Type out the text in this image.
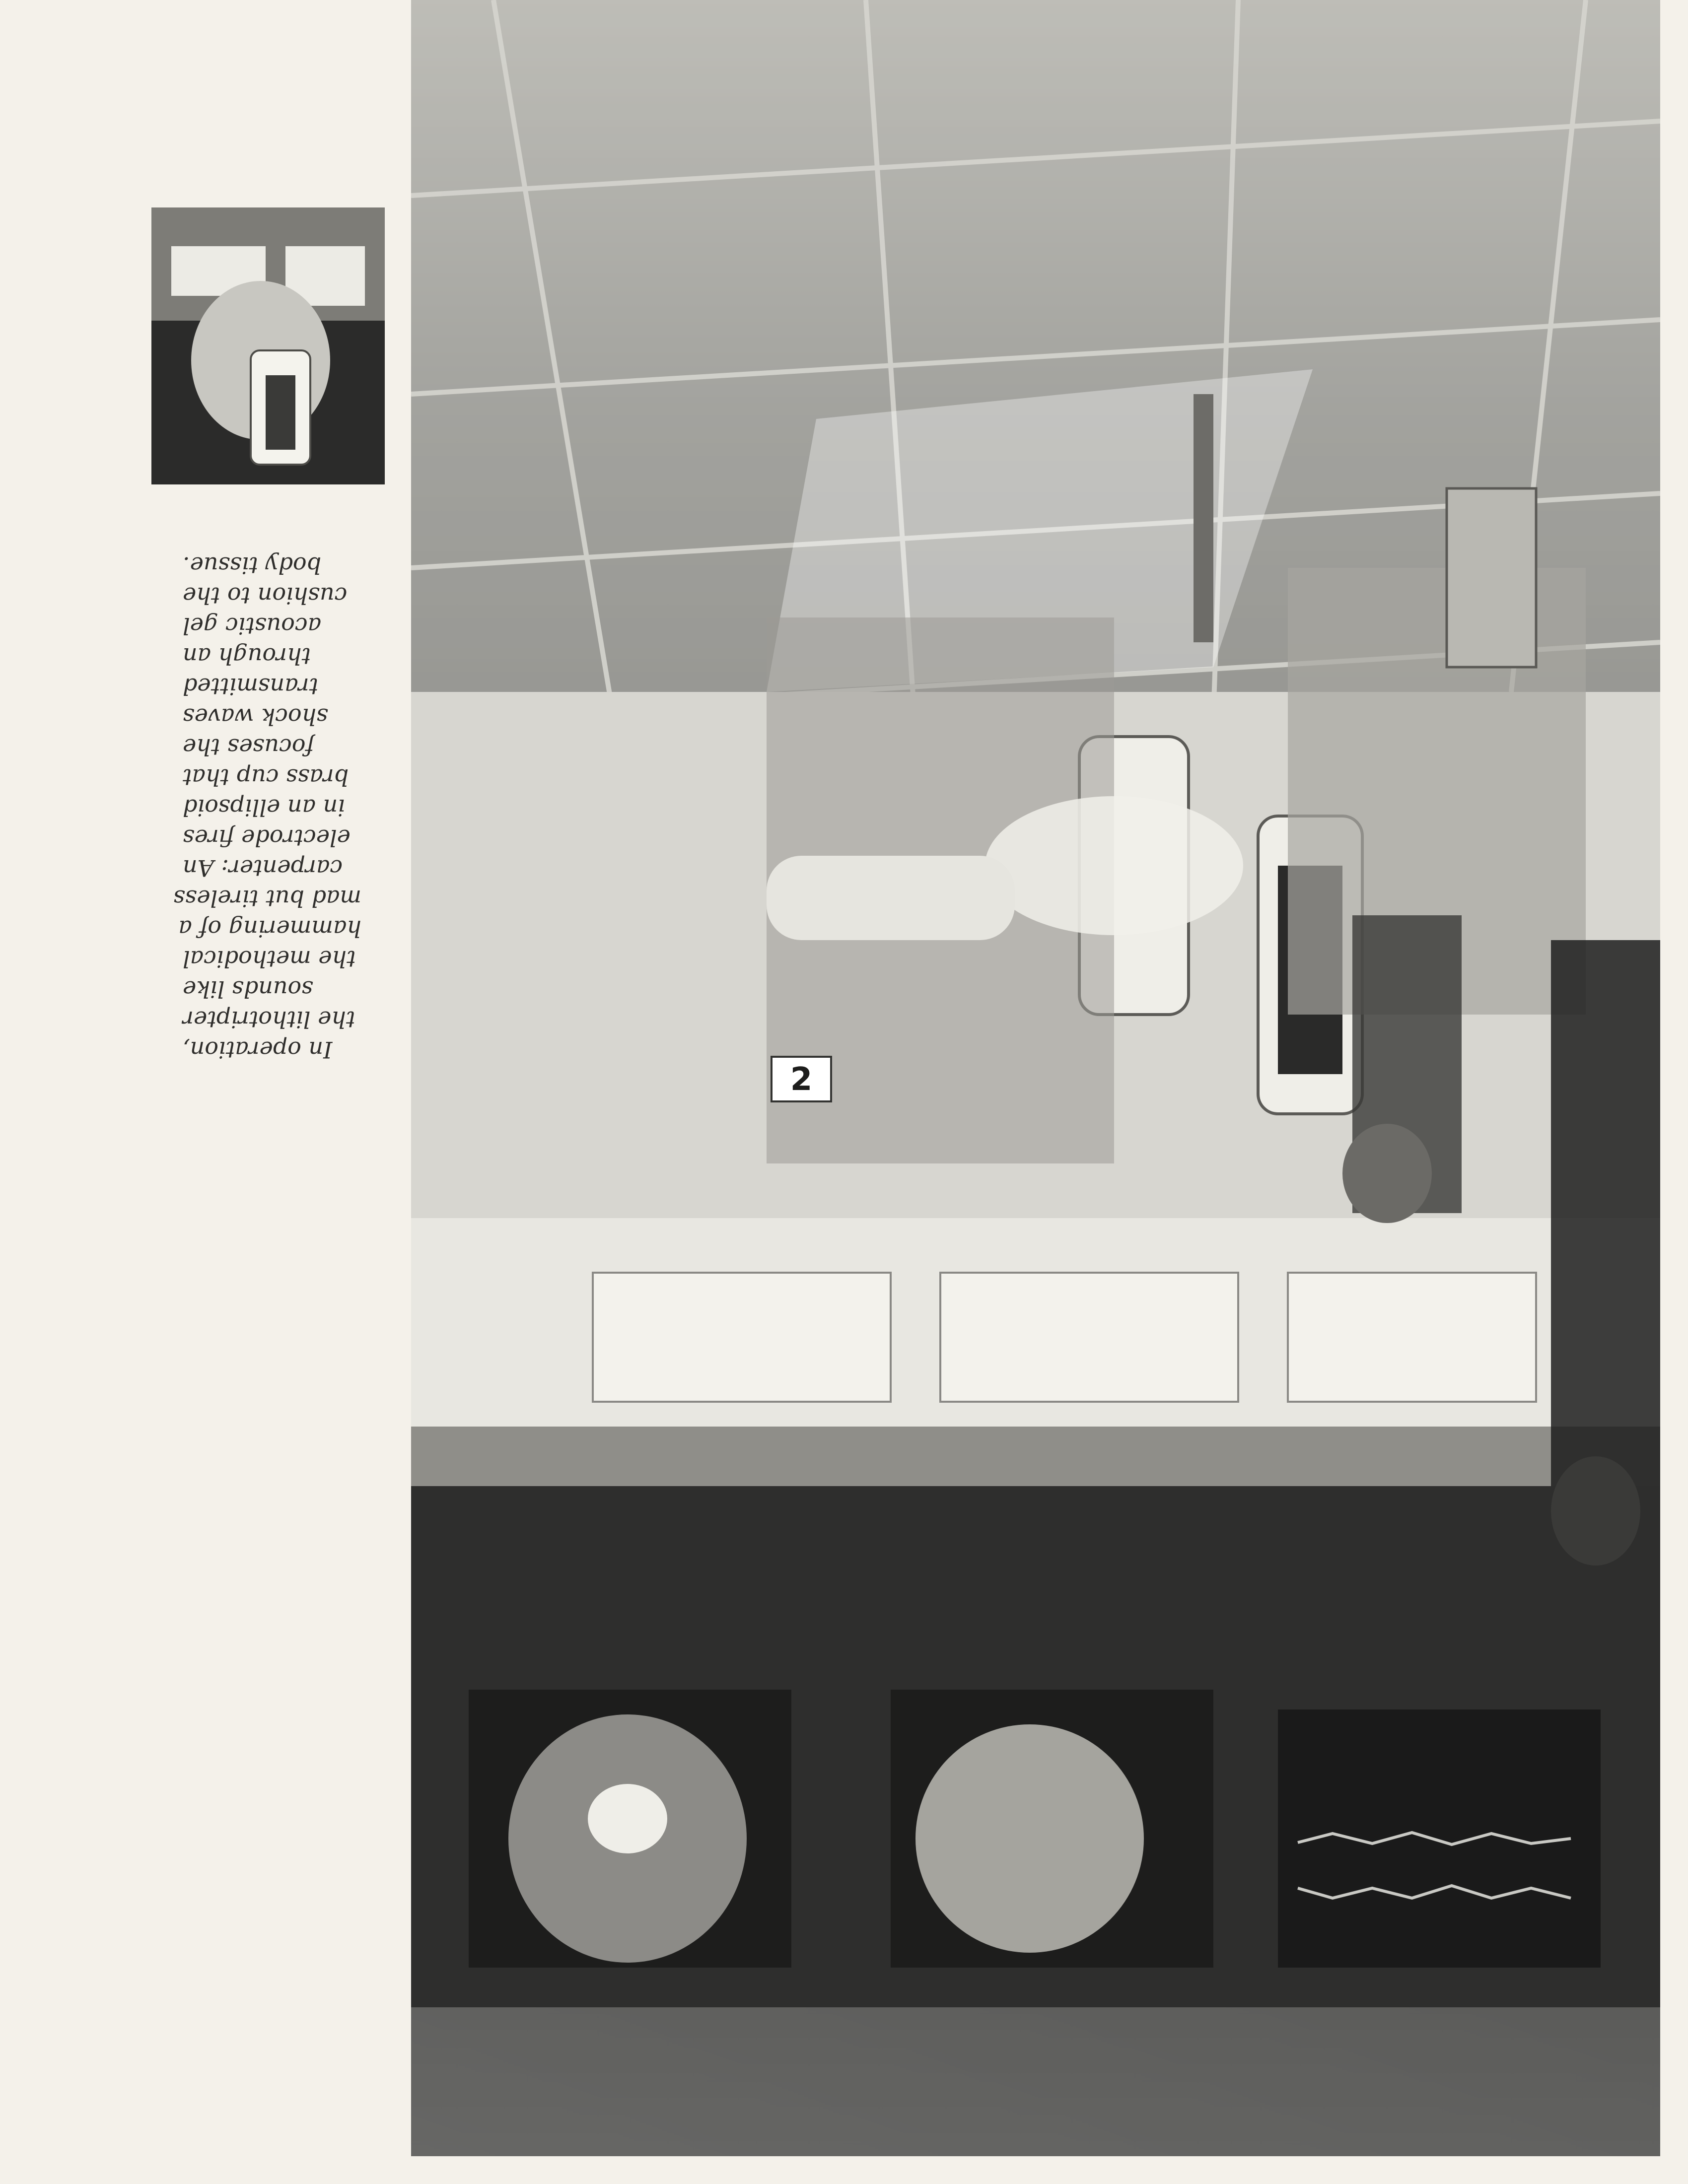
2
In operation,
the lithotripter
sounds like
the methodical
hammering of a
mad but tireless
carpenter: An
electrode fires
in an ellipsoid
brass cup that
focuses the
shock waves
transmitted
through an
acoustic gel
cushion to the
body tissue.
